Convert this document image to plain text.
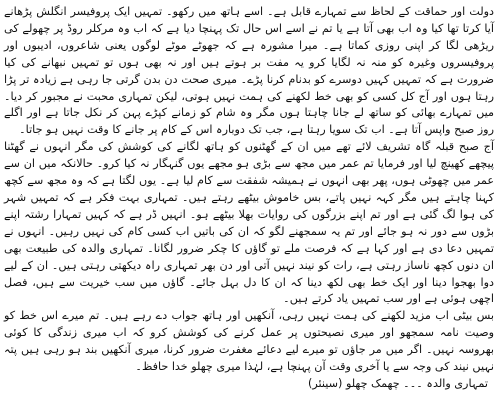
دولت اور حماقت کے لحاظ سے تمہارے قابل ہے۔ اسے ہاتھ میں رکھو۔ تمہیں ایک پروفیسر انگلش پڑھانے آیا کرتا تھا کیا وہ اب بھی آتا ہے یا تم نے اسے اس حال تک پہنچا دیا ہے کہ اب وہ مرکلر روڈ پر چھولے کی ریڑھی لگا کر اپنی روزی کماتا ہے۔ میرا مشورہ ہے کہ جھوٹے موٹے لوگوں یعنی شاعروں، ادیبوں اور پروفیسروں وغیرہ کو منہ نہ لگایا کرو یہ مفت بر ہوتے ہیں اور نہ بھی ہوں تو تمہیں نبھانے کی کیا ضرورت ہے کہ تمہیں کہیں دوسرے کو بدنام کرنا پڑے۔ میری صحت دن بدن گرتی جا رہی ہے زیادہ تر پڑا رہتا ہوں اور آج کل کسی کو بھی خط لکھنے کی ہمت نہیں ہوتی، لیکن تمہاری محبت نے مجبور کر دیا۔ میں تمہارے بھائی کو ساتھ لے جانا چاہتا ہوں مگر وہ شام کو زمانے کپڑے پہن کر نکل جاتا ہے اور اگلے روز صبح واپس آتا ہے۔ اب تک سویا رہتا ہے، جب تک دوبارہ اس کے کام پر جانے کا وقت نہیں ہو جاتا۔

آج صبح قبلہ گاہ تشریف لائے تھے میں ان کے گھٹنوں کو ہاتھ لگانے کی کوشش کی مگر انہوں نے گھٹنا پیچھے کھینچ لیا اور فرمایا تم عمر میں مجھ سے بڑی ہو مجھے یوں گنہگار نہ کیا کرو۔ حالانکہ میں ان سے عمر میں چھوٹی ہوں، پھر بھی انہوں نے ہمیشہ شفقت سے کام لیا ہے۔ یوں لگتا ہے کہ وہ مجھ سے کچھ کہنا چاہتے ہیں مگر کہہ نہیں پاتے، بس خاموش بیٹھے رہتے ہیں۔ تمہاری بہت فکر ہے کہ تمہیں شہر کی ہوا لگ گئی ہے اور تم اپنے بزرگوں کی روایات بھلا بیٹھے ہو۔ انہیں ڈر ہے کہ کہیں تمہارا رشتہ اپنے بڑوں سے دور نہ ہو جائے اور تم یہ سمجھنے لگو کہ ان کی باتیں اب کسی کام کی نہیں رہیں۔ انہوں نے تمہیں دعا دی ہے اور کہا ہے کہ فرصت ملے تو گاؤں کا چکر ضرور لگانا۔ تمہاری والدہ کی طبیعت بھی ان دنوں کچھ ناساز رہتی ہے، رات کو نیند نہیں آتی اور دن بھر تمہاری راہ دیکھتی رہتی ہیں۔ ان کے لیے دوا بھجوا دینا اور ایک خط بھی لکھ دینا کہ ان کا دل بہل جائے۔ گاؤں میں سب خیریت سے ہیں، فصل اچھی ہوئی ہے اور سب تمہیں یاد کرتے ہیں۔

بس بیٹی اب مزید لکھنے کی ہمت نہیں رہی، آنکھیں اور ہاتھ جواب دے رہے ہیں۔ تم میرے اس خط کو وصیت نامہ سمجھو اور میری نصیحتوں پر عمل کرنے کی کوشش کرو کہ اب میری زندگی کا کوئی بھروسہ نہیں۔ اگر میں مر جاؤں تو میرے لیے دعائے مغفرت ضرور کرنا، میری آنکھیں بند ہو رہی ہیں پتہ نہیں نیند کی وجہ سے یا آخری وقت آن پہنچا ہے، لہٰذا میری چھلو خدا حافظ۔

تمہاری والدہ ۔۔۔ چھمک چھلو (سینئر)
